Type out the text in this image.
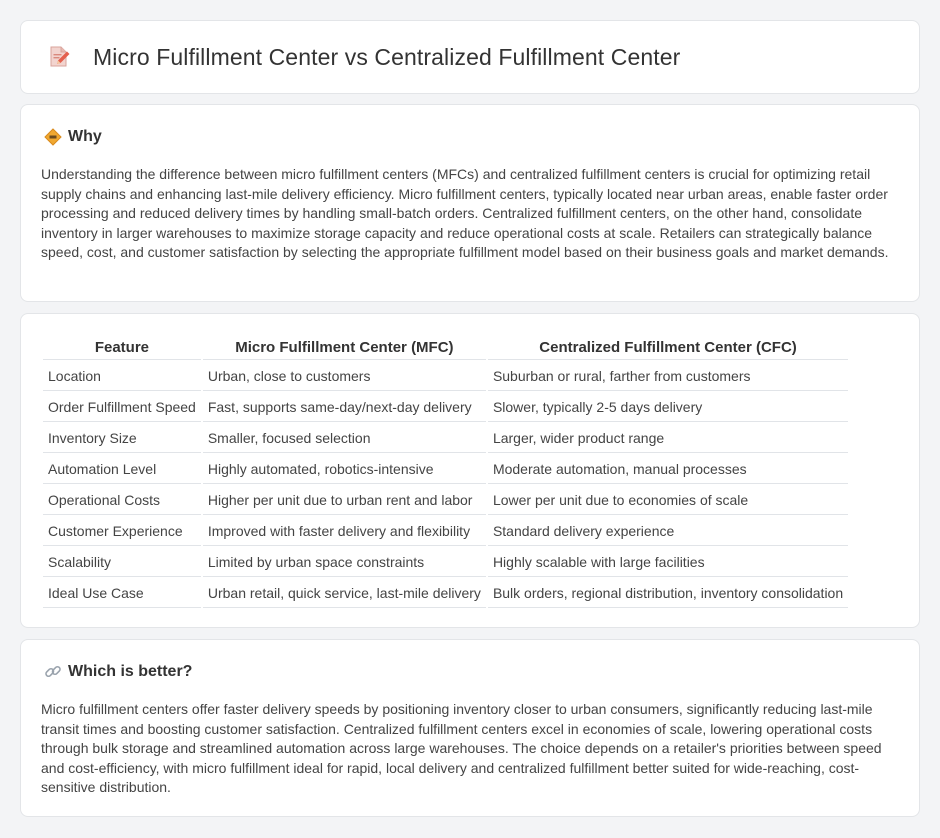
Micro Fulfillment Center vs Centralized Fulfillment Center
Why

Understanding the difference between micro fulfillment centers (MFCs) and centralized fulfillment centers is crucial for optimizing retail supply chains and enhancing last-mile delivery efficiency. Micro fulfillment centers, typically located near urban areas, enable faster order processing and reduced delivery times by handling small-batch orders. Centralized fulfillment centers, on the other hand, consolidate inventory in larger warehouses to maximize storage capacity and reduce operational costs at scale. Retailers can strategically balance speed, cost, and customer satisfaction by selecting the appropriate fulfillment model based on their business goals and market demands.

Feature	Micro Fulfillment Center (MFC)	Centralized Fulfillment Center (CFC)
Location	Urban, close to customers	Suburban or rural, farther from customers
Order Fulfillment Speed	Fast, supports same-day/next-day delivery	Slower, typically 2-5 days delivery
Inventory Size	Smaller, focused selection	Larger, wider product range
Automation Level	Highly automated, robotics-intensive	Moderate automation, manual processes
Operational Costs	Higher per unit due to urban rent and labor	Lower per unit due to economies of scale
Customer Experience	Improved with faster delivery and flexibility	Standard delivery experience
Scalability	Limited by urban space constraints	Highly scalable with large facilities
Ideal Use Case	Urban retail, quick service, last-mile delivery	Bulk orders, regional distribution, inventory consolidation
Which is better?

Micro fulfillment centers offer faster delivery speeds by positioning inventory closer to urban consumers, significantly reducing last-mile transit times and boosting customer satisfaction. Centralized fulfillment centers excel in economies of scale, lowering operational costs through bulk storage and streamlined automation across large warehouses. The choice depends on a retailer's priorities between speed and cost-efficiency, with micro fulfillment ideal for rapid, local delivery and centralized fulfillment better suited for wide-reaching, cost-sensitive distribution.
